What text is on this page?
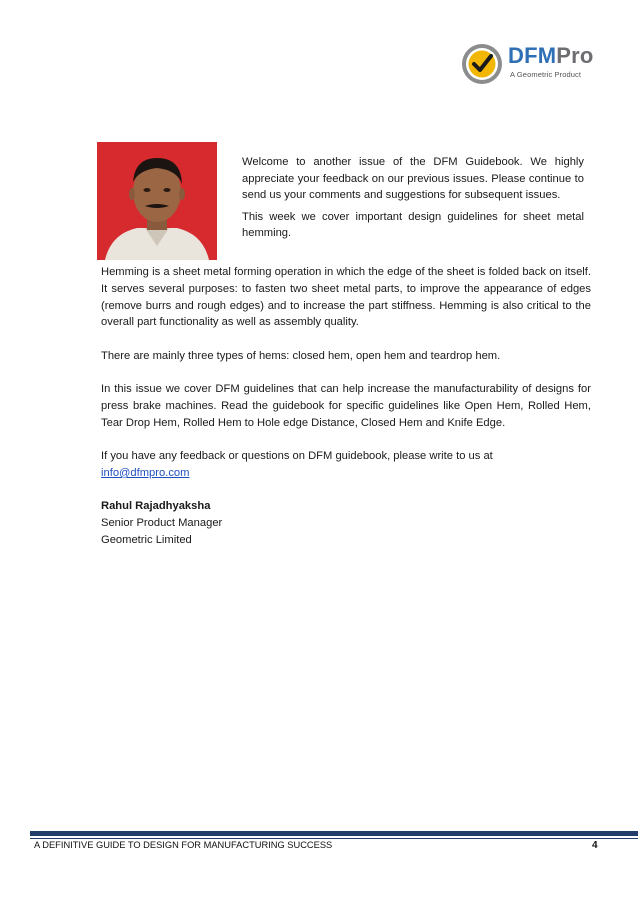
DFMPro
A Geometric Product

Welcome to another issue of the DFM Guidebook. We highly appreciate your feedback on our previous issues. Please continue to send us your comments and suggestions for subsequent issues.

This week we cover important design guidelines for sheet metal hemming.

Hemming is a sheet metal forming operation in which the edge of the sheet is folded back on itself. It serves several purposes: to fasten two sheet metal parts, to improve the appearance of edges (remove burrs and rough edges) and to increase the part stiffness. Hemming is also critical to the overall part functionality as well as assembly quality.

There are mainly three types of hems: closed hem, open hem and teardrop hem.

In this issue we cover DFM guidelines that can help increase the manufacturability of designs for press brake machines. Read the guidebook for specific guidelines like Open Hem, Rolled Hem, Tear Drop Hem, Rolled Hem to Hole edge Distance, Closed Hem and Knife Edge.

If you have any feedback or questions on DFM guidebook, please write to us at
info@dfmpro.com

Rahul Rajadhyaksha

Senior Product Manager

Geometric Limited

A DEFINITIVE GUIDE TO DESIGN FOR MANUFACTURING SUCCESS	4
